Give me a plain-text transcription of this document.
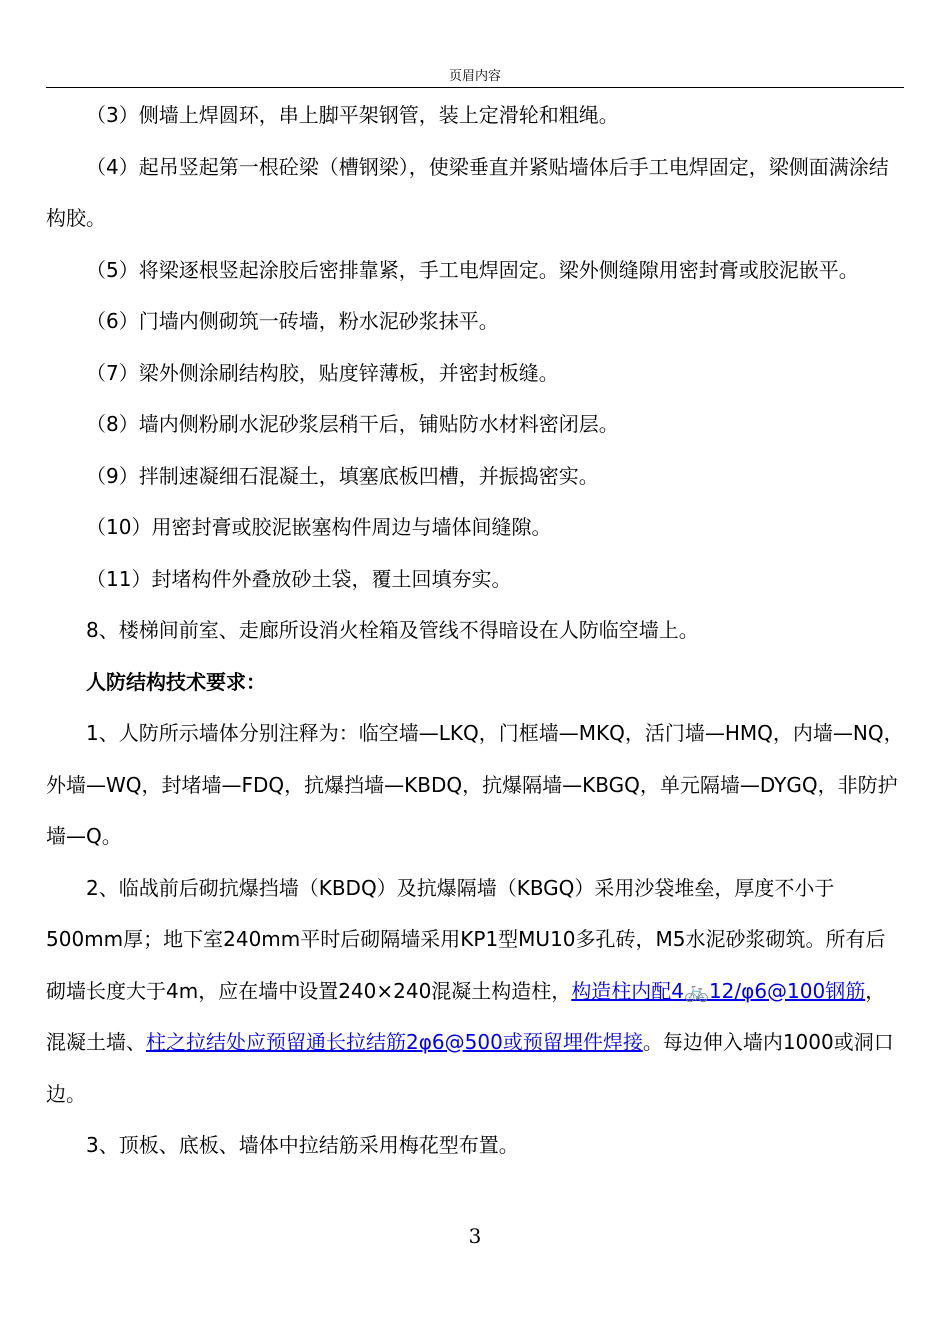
页眉内容

（3）侧墙上焊圆环，串上脚平架钢管，装上定滑轮和粗绳。

（4）起吊竖起第一根砼梁（槽钢梁），使梁垂直并紧贴墙体后手工电焊固定，梁侧面满涂结构胶。

（5）将梁逐根竖起涂胶后密排靠紧，手工电焊固定。梁外侧缝隙用密封膏或胶泥嵌平。

（6）门墙内侧砌筑一砖墙，粉水泥砂浆抹平。

（7）梁外侧涂刷结构胶，贴度锌薄板，并密封板缝。

（8）墙内侧粉刷水泥砂浆层稍干后，铺贴防水材料密闭层。

（9）拌制速凝细石混凝土，填塞底板凹槽，并振捣密实。

（10）用密封膏或胶泥嵌塞构件周边与墙体间缝隙。

（11）封堵构件外叠放砂土袋，覆土回填夯实。

8、楼梯间前室、走廊所设消火栓箱及管线不得暗设在人防临空墙上。

人防结构技术要求：

1、人防所示墙体分别注释为：临空墙—LKQ，门框墙—MKQ，活门墙—HMQ，内墙—NQ，外墙—WQ，封堵墙—FDQ，抗爆挡墙—KBDQ，抗爆隔墙—KBGQ，单元隔墙—DYGQ，非防护墙—Q。

2、临战前后砌抗爆挡墙（KBDQ）及抗爆隔墙（KBGQ）采用沙袋堆垒，厚度不小于500mm厚；地下室240mm平时后砌隔墙采用KP1型MU10多孔砖，M5水泥砂浆砌筑。所有后砌墙长度大于4m，应在墙中设置240×240混凝土构造柱，构造柱内配4🚲12/φ6@100钢筋，混凝土墙、柱之拉结处应预留通长拉结筋2φ6@500或预留埋件焊接。每边伸入墙内1000或洞口边。

3、顶板、底板、墙体中拉结筋采用梅花型布置。

3
